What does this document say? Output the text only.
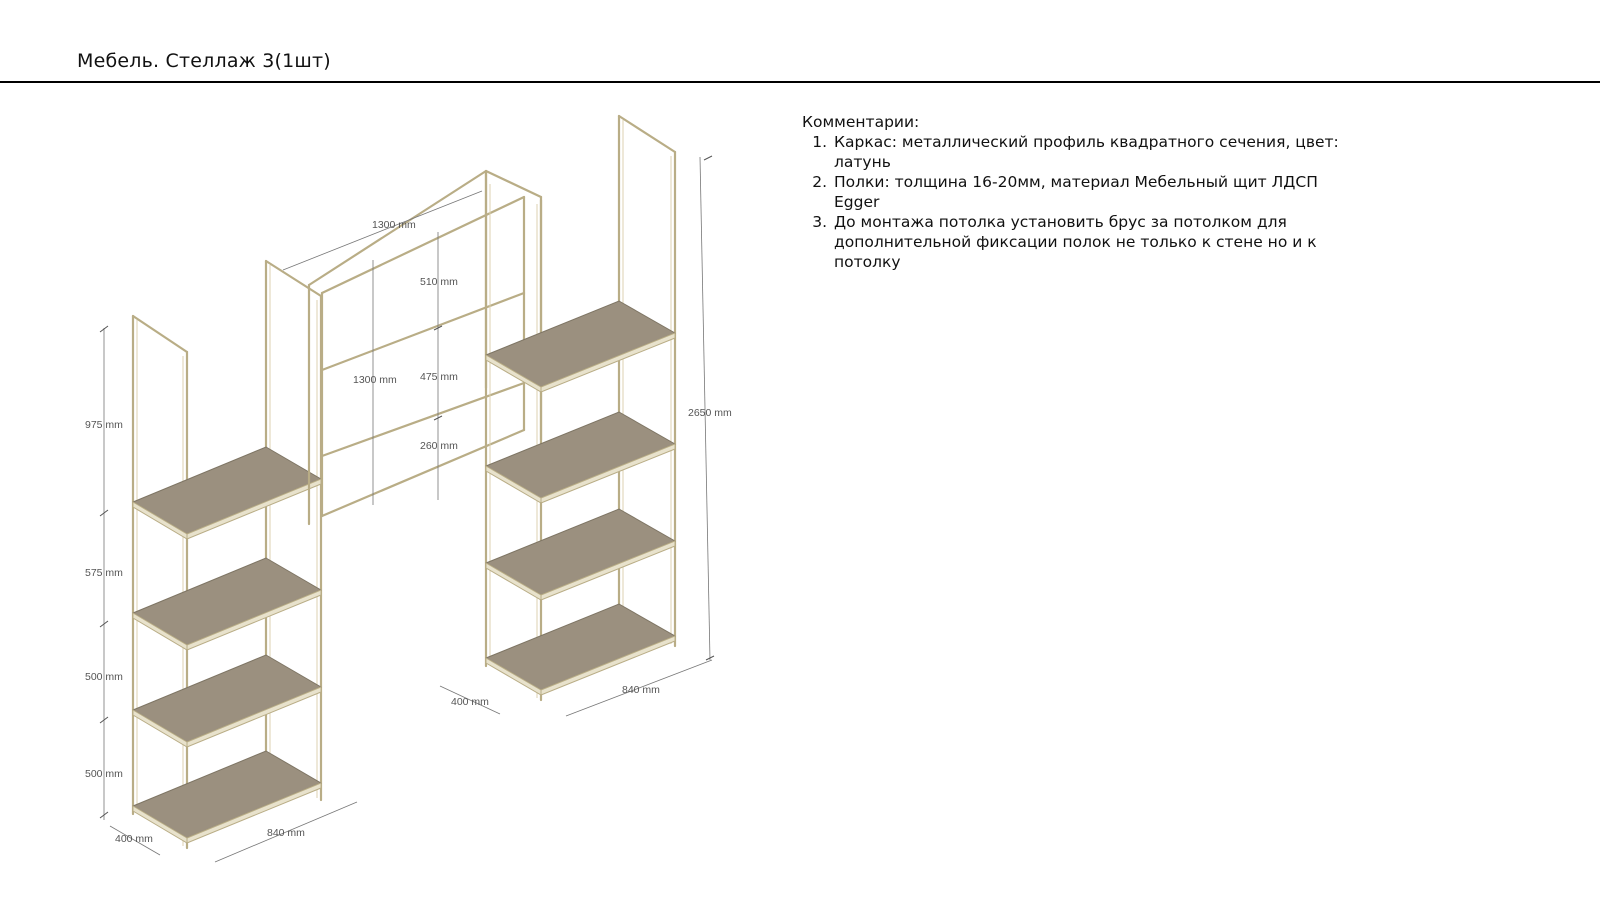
Мебель. Стеллаж 3(1шт)
975 mm
575 mm
500 mm
500 mm
400 mm	840 mm
1300 mm
1300 mm
510 mm
475 mm
260 mm
2650 mm
400 mm
840 mm

Комментарии:

1. Каркас: металлический профиль квадратного сечения, цвет: латунь
2. Полки: толщина 16-20мм, материал Мебельный щит ЛДСП Egger
3. До монтажа потолка установить брус за потолком для дополнительной фиксации полок не только к стене но и к потолку
